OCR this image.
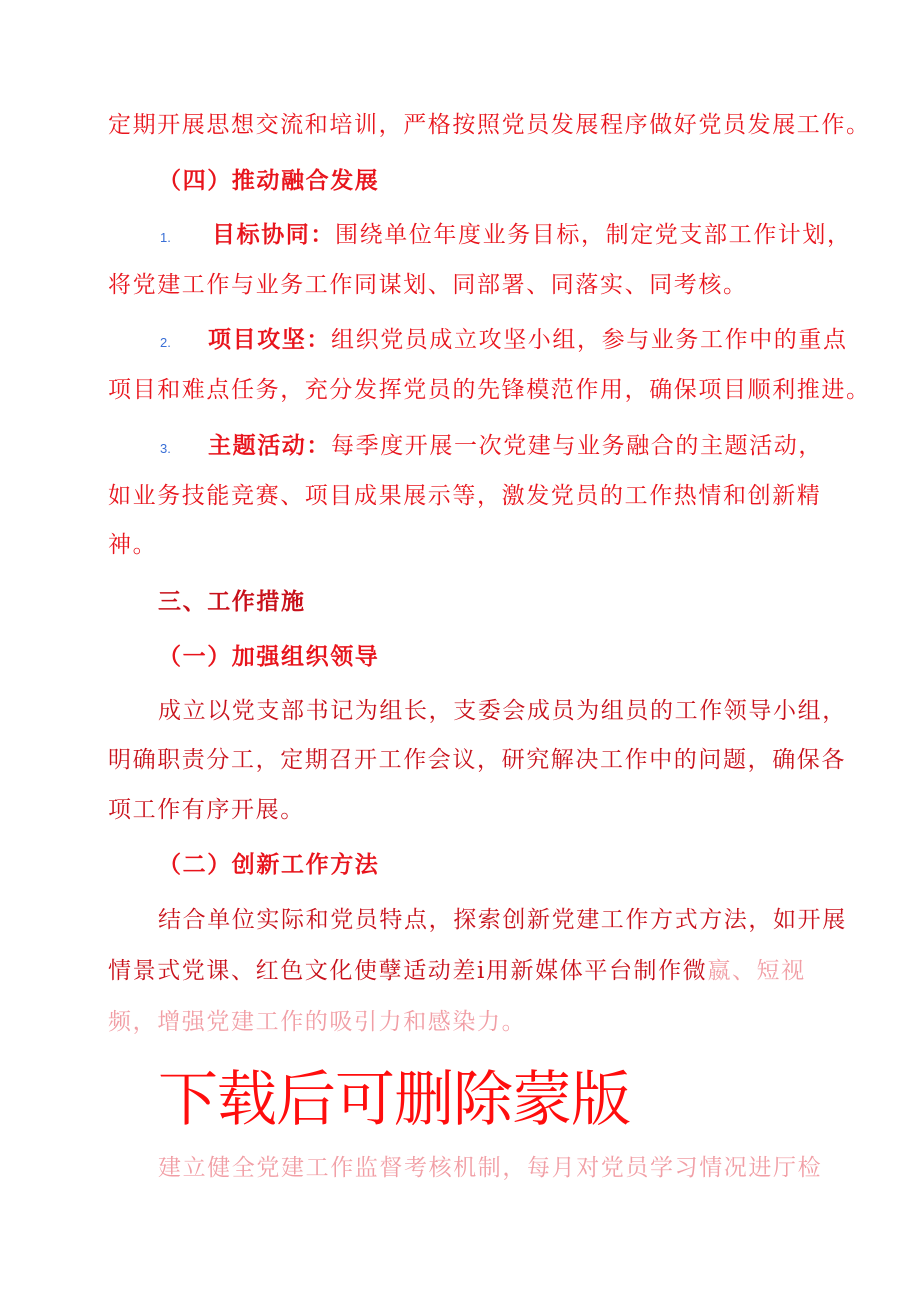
定期开展思想交流和培训，严格按照党员发展程序做好党员发展工作。

（四）推动融合发展

1. 目标协同：围绕单位年度业务目标，制定党支部工作计划，

将党建工作与业务工作同谋划、同部署、同落实、同考核。

2. 项目攻坚：组织党员成立攻坚小组，参与业务工作中的重点

项目和难点任务，充分发挥党员的先锋模范作用，确保项目顺利推进。

3. 主题活动：每季度开展一次党建与业务融合的主题活动，

如业务技能竞赛、项目成果展示等，激发党员的工作热情和创新精

神。

三、工作措施

（一）加强组织领导

成立以党支部书记为组长，支委会成员为组员的工作领导小组，

明确职责分工，定期召开工作会议，研究解决工作中的问题，确保各

项工作有序开展。

（二）创新工作方法

结合单位实际和党员特点，探索创新党建工作方式方法，如开展

情景式党课、红色文化使孽适动差i用新媒体平台制作微嬴、短视

频，增强党建工作的吸引力和感染力。

下载后可删除蒙版

建立健全党建工作监督考核机制，每月对党员学习情况进厅检
